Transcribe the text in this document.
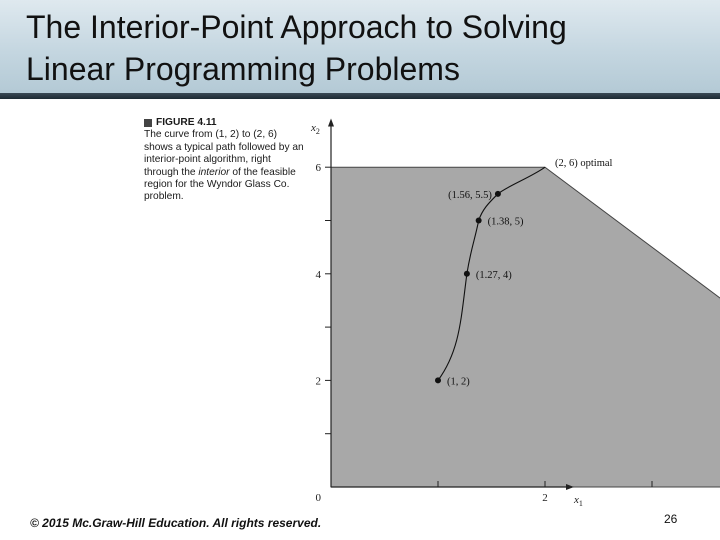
The Interior-Point Approach to Solving
Linear Programming Problems
FIGURE 4.11
The curve from (1, 2) to (2, 6) shows a typical path followed by an interior-point algorithm, right through the interior of the feasible region for the Wyndor Glass Co. problem.
2
4
6
2
0	$x_1$
$x_2$
(1, 2)
(1.27, 4)
(1.38, 5)
(1.56, 5.5)
(2, 6) optimal
© 2015 Mc.Graw-Hill Education. All rights reserved.	26
